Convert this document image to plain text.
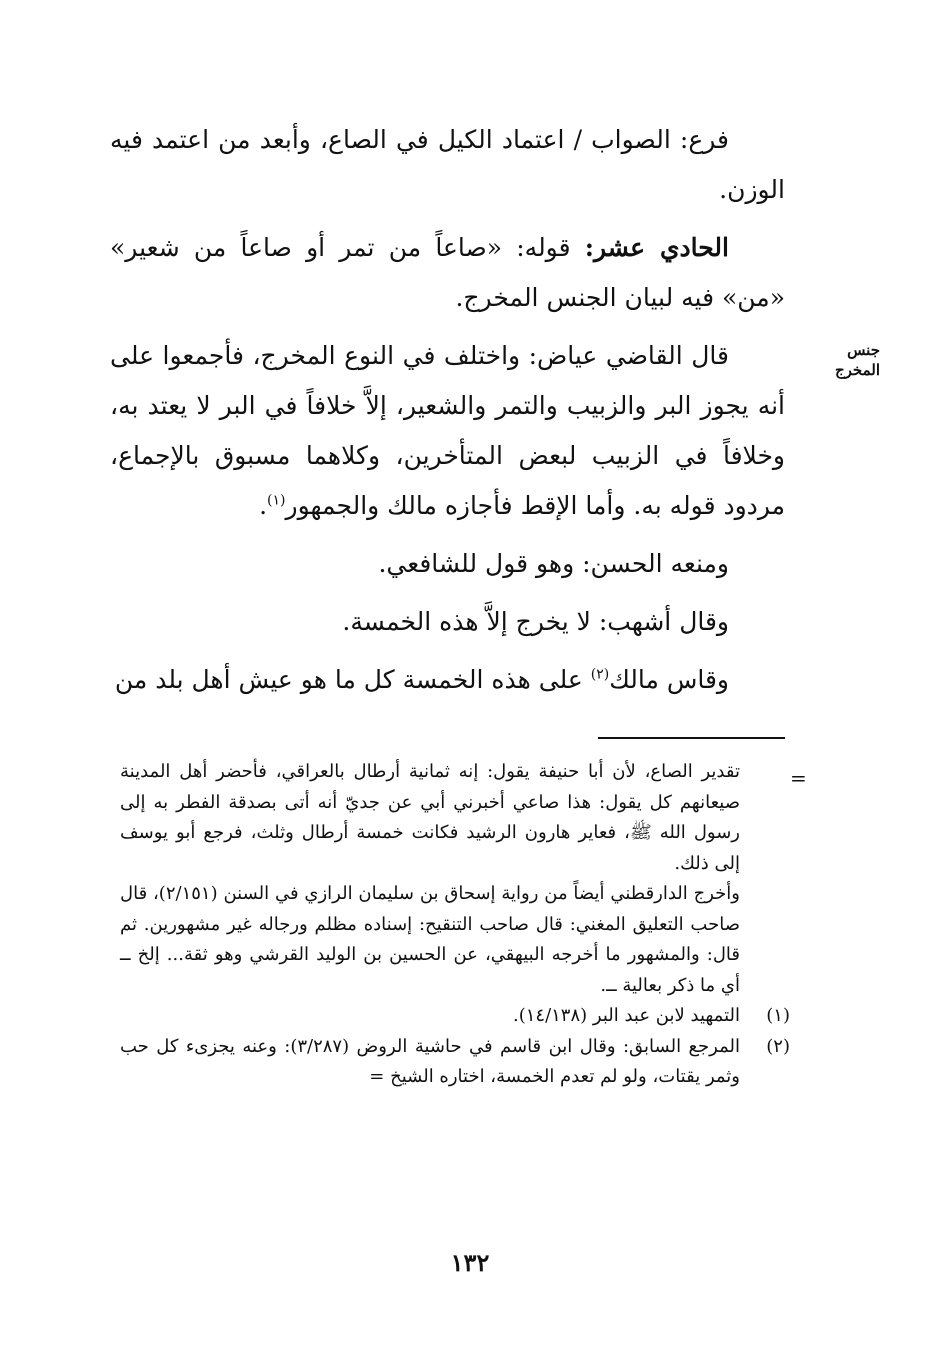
جنس المخرج

فرع: الصواب / اعتماد الكيل في الصاع، وأبعد من اعتمد فيه الوزن.

الحادي عشر: قوله: «صاعاً من تمر أو صاعاً من شعير» «من» فيه لبيان الجنس المخرج.

قال القاضي عياض: واختلف في النوع المخرج، فأجمعوا على أنه يجوز البر والزبيب والتمر والشعير، إلاَّ خلافاً في البر لا يعتد به، وخلافاً في الزبيب لبعض المتأخرين، وكلاهما مسبوق بالإجماع، مردود قوله به. وأما الإقط فأجازه مالك والجمهور$^{(١)}$.

ومنعه الحسن: وهو قول للشافعي.

وقال أشهب: لا يخرج إلاَّ هذه الخمسة.

وقاس مالك$^{(٢)}$ على هذه الخمسة كل ما هو عيش أهل بلد من

=

تقدير الصاع، لأن أبا حنيفة يقول: إنه ثمانية أرطال بالعراقي، فأحضر أهل المدينة صيعانهم كل يقول: هذا صاعي أخبرني أبي عن جديّ أنه أتى بصدقة الفطر به إلى رسول الله ﷺ، فعاير هارون الرشيد فكانت خمسة أرطال وثلث، فرجع أبو يوسف إلى ذلك.

وأخرج الدارقطني أيضاً من رواية إسحاق بن سليمان الرازي في السنن (٢/١٥١)، قال صاحب التعليق المغني: قال صاحب التنقيح: إسناده مظلم ورجاله غير مشهورين. ثم قال: والمشهور ما أخرجه البيهقي، عن الحسين بن الوليد القرشي وهو ثقة... إلخ ــ أي ما ذكر بعالية ــ.

(١)
التمهيد لابن عبد البر (١٤/١٣٨).
(٢)
المرجع السابق: وقال ابن قاسم في حاشية الروض (٣/٢٨٧): وعنه يجزىء كل حب وثمر يقتات، ولو لم تعدم الخمسة، اختاره الشيخ =
١٣٢
